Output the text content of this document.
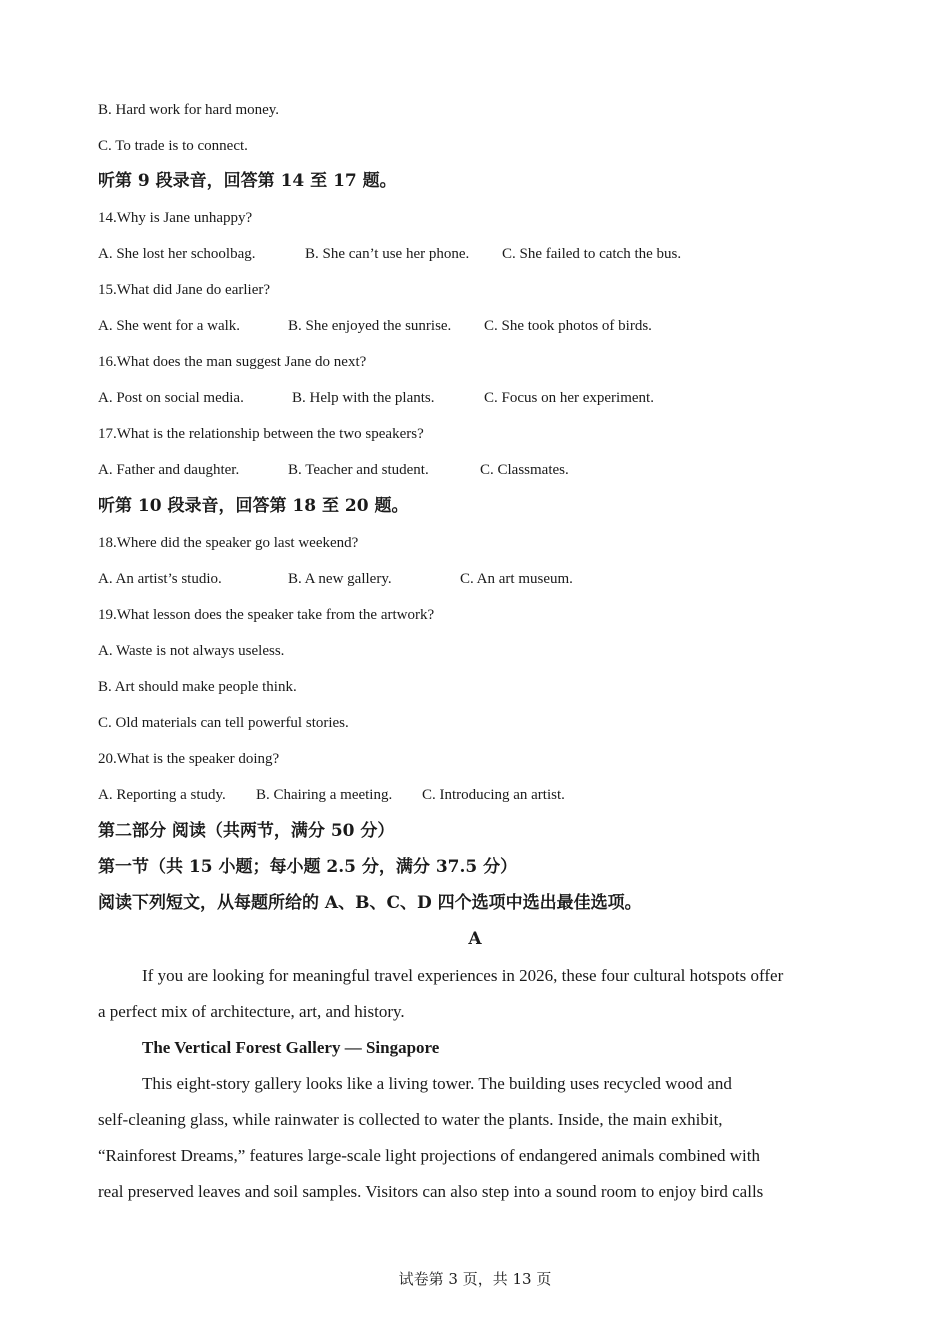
B. Hard work for hard money.
C. To trade is to connect.
听第 9 段录音，回答第 14 至 17 题。
14.Why is Jane unhappy?
A. She lost her schoolbag.	B. She can’t use her phone. C. She failed to catch the bus.
15.What did Jane do earlier?
A. She went for a walk.	B. She enjoyed the sunrise. C. She took photos of birds.
16.What does the man suggest Jane do next?
A. Post on social media.	B. Help with the plants.	C. Focus on her experiment.
17.What is the relationship between the two speakers?
A. Father and daughter.	B. Teacher and student.	C. Classmates.
听第 10 段录音，回答第 18 至 20 题。
18.Where did the speaker go last weekend?
A. An artist’s studio.	B. A new gallery.	C. An art museum.
19.What lesson does the speaker take from the artwork?
A. Waste is not always useless.
B. Art should make people think.
C. Old materials can tell powerful stories.
20.What is the speaker doing?
A. Reporting a study. B. Chairing a meeting. C. Introducing an artist.
第二部分 阅读（共两节，满分 50 分）
第一节（共 15 小题；每小题 2.5 分，满分 37.5 分）
阅读下列短文，从每题所给的 A、B、C、D 四个选项中选出最佳选项。
A
If you are looking for meaningful travel experiences in 2026, these four cultural hotspots offer
a perfect mix of architecture, art, and history.
The Vertical Forest Gallery — Singapore
This eight-story gallery looks like a living tower. The building uses recycled wood and
self-cleaning glass, while rainwater is collected to water the plants. Inside, the main exhibit,
“Rainforest Dreams,” features large-scale light projections of endangered animals combined with
real preserved leaves and soil samples. Visitors can also step into a sound room to enjoy bird calls
试卷第 3 页，共 13 页
